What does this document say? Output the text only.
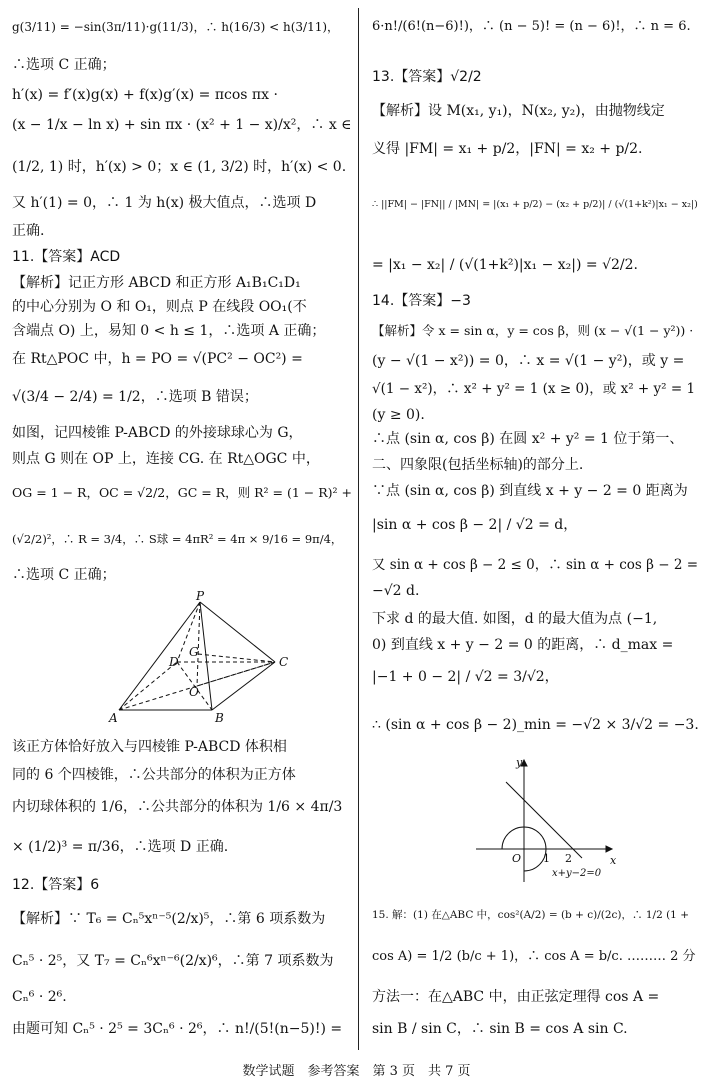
g(3/11) = −sin(3π/11)·g(11/3)，∴ h(16/3) < h(3/11)，
∴选项 C 正确；
h′(x) = f′(x)g(x) + f(x)g′(x) = πcos πx ·
(x − 1/x − ln x) + sin πx · (x² + 1 − x)/x²，∴ x ∈
(1/2, 1) 时，h′(x) > 0；x ∈ (1, 3/2) 时，h′(x) < 0.
又 h′(1) = 0，∴ 1 为 h(x) 极大值点，∴选项 D
正确.
11.【答案】ACD
【解析】记正方形 ABCD 和正方形 A₁B₁C₁D₁
的中心分别为 O 和 O₁，则点 P 在线段 OO₁(不
含端点 O) 上，易知 0 < h ≤ 1，∴选项 A 正确；
在 Rt△POC 中，h = PO = √(PC² − OC²) =
√(3/4 − 2/4) = 1/2，∴选项 B 错误；
如图，记四棱锥 P-ABCD 的外接球球心为 G，
则点 G 则在 OP 上，连接 CG. 在 Rt△OGC 中，
OG = 1 − R，OC = √2/2，GC = R，则 R² = (1 − R)² +
(√2/2)²，∴ R = 3/4，∴ S球 = 4πR² = 4π × 9/16 = 9π/4，
∴选项 C 正确；
P
A	B
C
D
G
O
该正方体恰好放入与四棱锥 P-ABCD 体积相
同的 6 个四棱锥，∴公共部分的体积为正方体
内切球体积的 1/6，∴公共部分的体积为 1/6 × 4π/3
× (1/2)³ = π/36，∴选项 D 正确.
12.【答案】6
【解析】∵ T₆ = Cₙ⁵xⁿ⁻⁵(2/x)⁵，∴第 6 项系数为
Cₙ⁵ · 2⁵，又 T₇ = Cₙ⁶xⁿ⁻⁶(2/x)⁶，∴第 7 项系数为
Cₙ⁶ · 2⁶.
由题可知 Cₙ⁵ · 2⁵ = 3Cₙ⁶ · 2⁶，∴ n!/(5!(n−5)!) =
6·n!/(6!(n−6)!)，∴ (n − 5)! = (n − 6)!，∴ n = 6.
13.【答案】√2/2
【解析】设 M(x₁, y₁)，N(x₂, y₂)，由抛物线定
义得 |FM| = x₁ + p/2，|FN| = x₂ + p/2.
∴ ||FM| − |FN|| / |MN| = |(x₁ + p/2) − (x₂ + p/2)| / (√(1+k²)|x₁ − x₂|)
= |x₁ − x₂| / (√(1+k²)|x₁ − x₂|) = √2/2.
14.【答案】−3
【解析】令 x = sin α，y = cos β，则 (x − √(1 − y²)) ·
(y − √(1 − x²)) = 0，∴ x = √(1 − y²)，或 y =
√(1 − x²)，∴ x² + y² = 1 (x ≥ 0)，或 x² + y² = 1
(y ≥ 0).
∴点 (sin α, cos β) 在圆 x² + y² = 1 位于第一、
二、四象限(包括坐标轴)的部分上.
∵点 (sin α, cos β) 到直线 x + y − 2 = 0 距离为
|sin α + cos β − 2| / √2 = d，
又 sin α + cos β − 2 ≤ 0，∴ sin α + cos β − 2 =
−√2 d.
下求 d 的最大值. 如图，d 的最大值为点 (−1,
0) 到直线 x + y − 2 = 0 的距离，∴ d_max =
|−1 + 0 − 2| / √2 = 3/√2，
∴ (sin α + cos β − 2)_min = −√2 × 3/√2 = −3.
y
x
O 1 2
x+y−2=0
15. 解：(1) 在△ABC 中，cos²(A/2) = (b + c)/(2c)，∴ 1/2 (1 +
cos A) = 1/2 (b/c + 1)，∴ cos A = b/c. ……… 2 分
方法一：在△ABC 中，由正弦定理得 cos A =
sin B / sin C，∴ sin B = cos A sin C.
数学试题　参考答案　第 3 页　共 7 页
